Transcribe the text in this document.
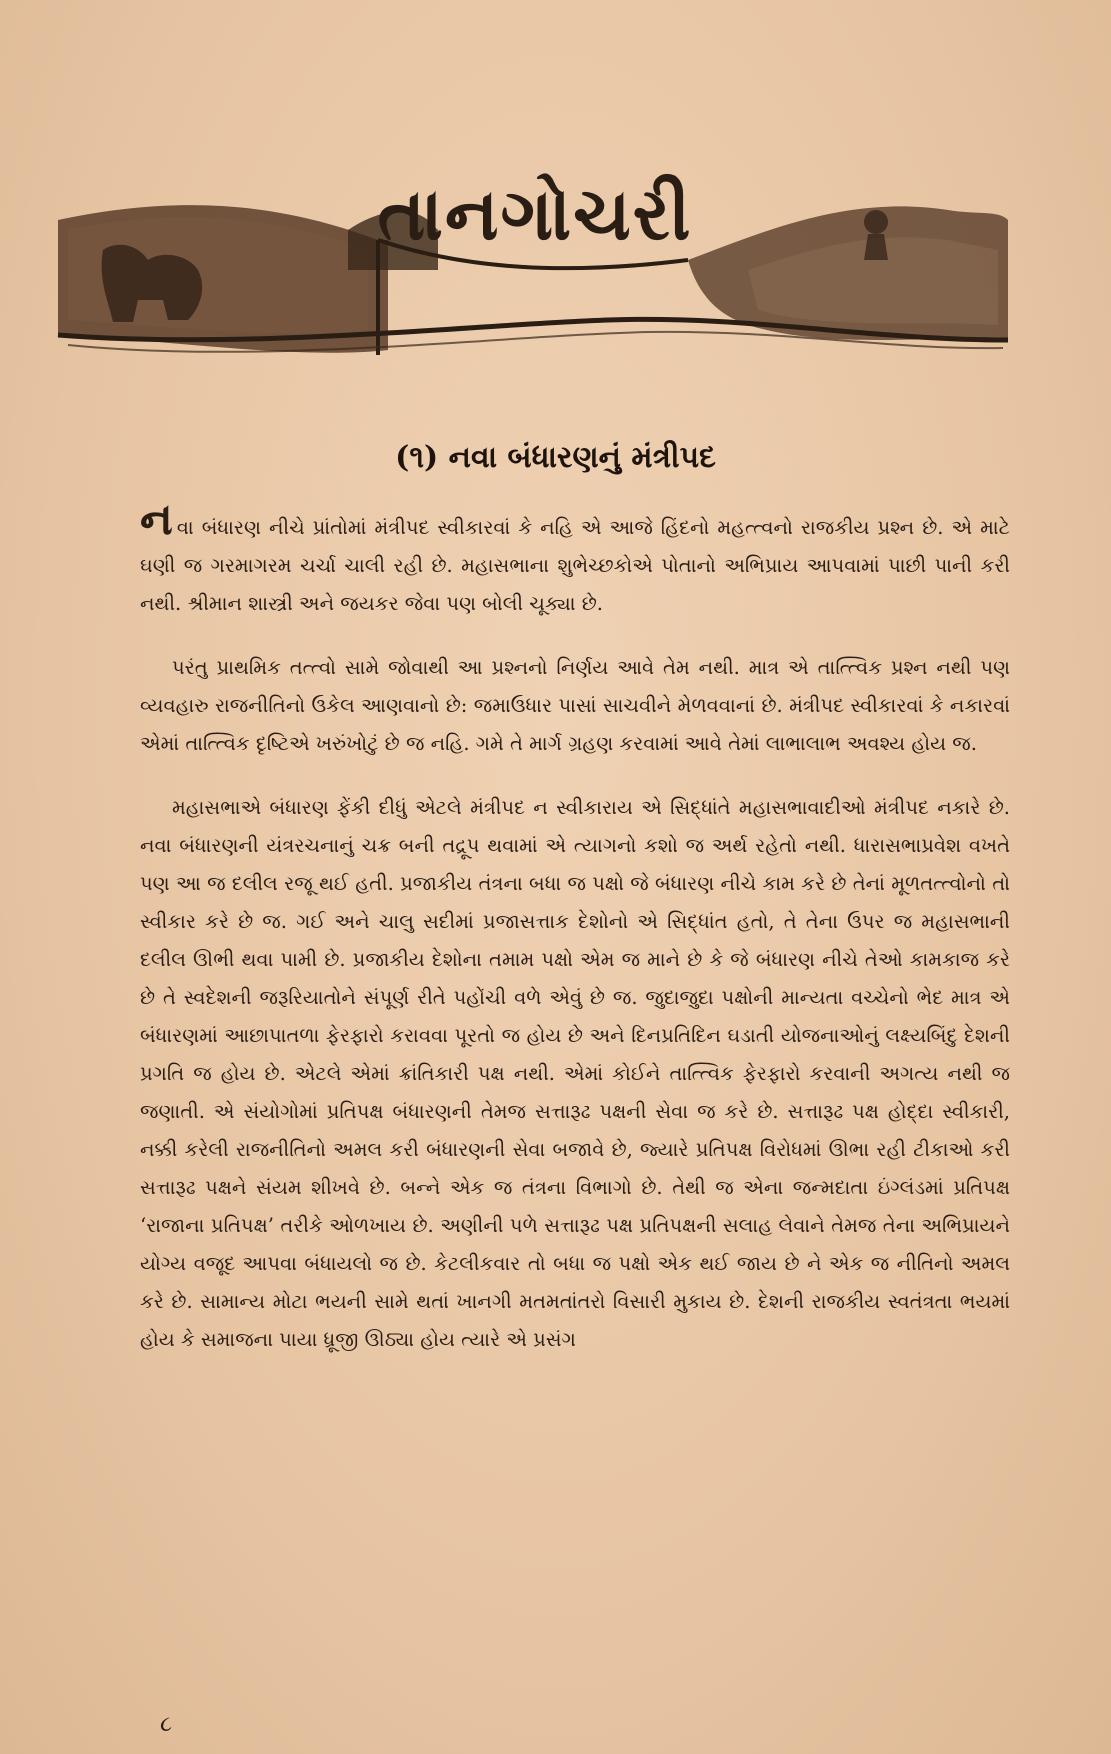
તાનગોચરી
(૧) નવા બંધારણનું મંત્રીપદ

નવા બંધારણ નીચે પ્રાંતોમાં મંત્રીપદ સ્વીકારવાં કે નહિ એ આજે હિંદનો મહત્ત્વનો રાજકીય પ્રશ્ન છે. એ માટે ઘણી જ ગરમાગરમ ચર્ચા ચાલી રહી છે. મહાસભાના શુભેચ્છકોએ પોતાનો અભિપ્રાય આપવામાં પાછી પાની કરી નથી. શ્રીમાન શાસ્ત્રી અને જયકર જેવા પણ બોલી ચૂક્યા છે.

પરંતુ પ્રાથમિક તત્ત્વો સામે જોવાથી આ પ્રશ્નનો નિર્ણય આવે તેમ નથી. માત્ર એ તાત્ત્વિક પ્રશ્ન નથી પણ વ્યવહારુ રાજનીતિનો ઉકેલ આણવાનો છે: જમાઉધાર પાસાં સાચવીને મેળવવાનાં છે. મંત્રીપદ સ્વીકારવાં કે નકારવાં એમાં તાત્ત્વિક દૃષ્ટિએ ખરુંખોટું છે જ નહિ. ગમે તે માર્ગ ગ્રહણ કરવામાં આવે તેમાં લાભાલાભ અવશ્ય હોય જ.

મહાસભાએ બંધારણ ફેંકી દીધું એટલે મંત્રીપદ ન સ્વીકારાય એ સિદ્ધાંતે મહાસભાવાદીઓ મંત્રીપદ નકારે છે. નવા બંધારણની યંત્રરચનાનું ચક્ર બની તદ્રૂપ થવામાં એ ત્યાગનો કશો જ અર્થ રહેતો નથી. ધારાસભાપ્રવેશ વખતે પણ આ જ દલીલ રજૂ થઈ હતી. પ્રજાકીય તંત્રના બધા જ પક્ષો જે બંધારણ નીચે કામ કરે છે તેનાં મૂળતત્ત્વોનો તો સ્વીકાર કરે છે જ. ગઈ અને ચાલુ સદીમાં પ્રજાસત્તાક દેશોનો એ સિદ્ધાંત હતો, તે તેના ઉપર જ મહાસભાની દલીલ ઊભી થવા પામી છે. પ્રજાકીય દેશોના તમામ પક્ષો એમ જ માને છે કે જે બંધારણ નીચે તેઓ કામકાજ કરે છે તે સ્વદેશની જરૂરિયાતોને સંપૂર્ણ રીતે પહોંચી વળે એવું છે જ. જુદાજુદા પક્ષોની માન્યતા વચ્ચેનો ભેદ માત્ર એ બંધારણમાં આછાપાતળા ફેરફારો કરાવવા પૂરતો જ હોય છે અને દિનપ્રતિદિન ઘડાતી યોજનાઓનું લક્ષ્યબિંદુ દેશની પ્રગતિ જ હોય છે. એટલે એમાં ક્રાંતિકારી પક્ષ નથી. એમાં કોઈને તાત્ત્વિક ફેરફારો કરવાની અગત્ય નથી જ જણાતી. એ સંયોગોમાં પ્રતિપક્ષ બંધારણની તેમજ સત્તારૂઢ પક્ષની સેવા જ કરે છે. સત્તારૂઢ પક્ષ હોદ્દા સ્વીકારી, નક્કી કરેલી રાજનીતિનો અમલ કરી બંધારણની સેવા બજાવે છે, જ્યારે પ્રતિપક્ષ વિરોધમાં ઊભા રહી ટીકાઓ કરી સત્તારૂઢ પક્ષને સંયમ શીખવે છે. બન્ને એક જ તંત્રના વિભાગો છે. તેથી જ એના જન્મદાતા ઇંગ્લંડમાં પ્રતિપક્ષ ‘રાજાના પ્રતિપક્ષ’ તરીકે ઓળખાય છે. અણીની પળે સત્તારૂઢ પક્ષ પ્રતિપક્ષની સલાહ લેવાને તેમજ તેના અભિપ્રાયને યોગ્ય વજૂદ આપવા બંધાયલો જ છે. કેટલીકવાર તો બધા જ પક્ષો એક થઈ જાય છે ને એક જ નીતિનો અમલ કરે છે. સામાન્ય મોટા ભયની સામે થતાં ખાનગી મતમતાંતરો વિસારી મુકાય છે. દેશની રાજકીય સ્વતંત્રતા ભયમાં હોય કે સમાજના પાયા ધ્રૂજી ઊઠ્યા હોય ત્યારે એ પ્રસંગ

૮
